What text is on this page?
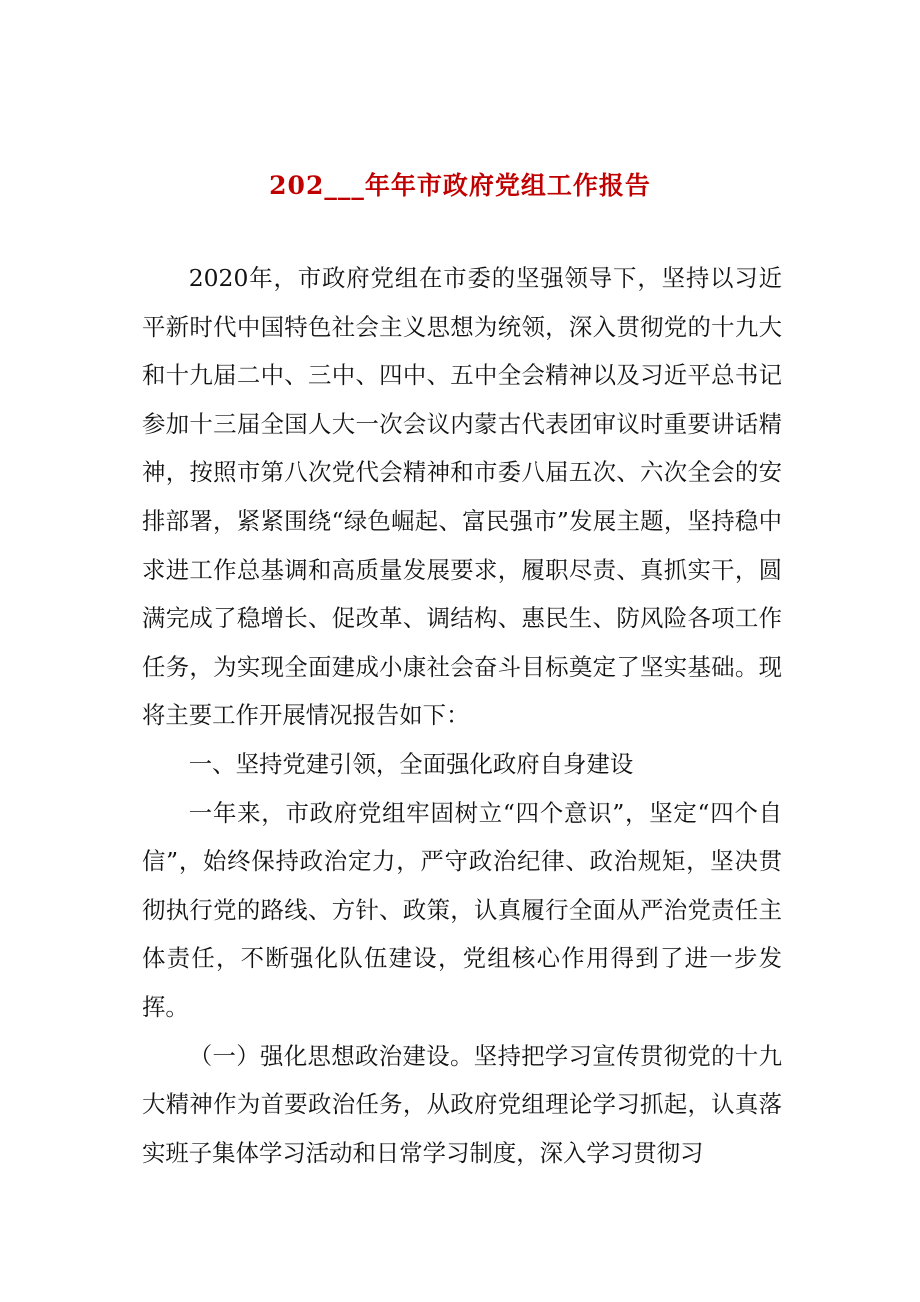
202___年年市政府党组工作报告

2020年，市政府党组在市委的坚强领导下，坚持以习近平新时代中国特色社会主义思想为统领，深入贯彻党的十九大和十九届二中、三中、四中、五中全会精神以及习近平总书记参加十三届全国人大一次会议内蒙古代表团审议时重要讲话精神，按照市第八次党代会精神和市委八届五次、六次全会的安排部署，紧紧围绕“绿色崛起、富民强市”发展主题，坚持稳中求进工作总基调和高质量发展要求，履职尽责、真抓实干，圆满完成了稳增长、促改革、调结构、惠民生、防风险各项工作任务，为实现全面建成小康社会奋斗目标奠定了坚实基础。现将主要工作开展情况报告如下：

一、坚持党建引领，全面强化政府自身建设

一年来，市政府党组牢固树立“四个意识”，坚定“四个自信”，始终保持政治定力，严守政治纪律、政治规矩，坚决贯彻执行党的路线、方针、政策，认真履行全面从严治党责任主体责任，不断强化队伍建设，党组核心作用得到了进一步发挥。

（一）强化思想政治建设。坚持把学习宣传贯彻党的十九大精神作为首要政治任务，从政府党组理论学习抓起，认真落实班子集体学习活动和日常学习制度，深入学习贯彻习
